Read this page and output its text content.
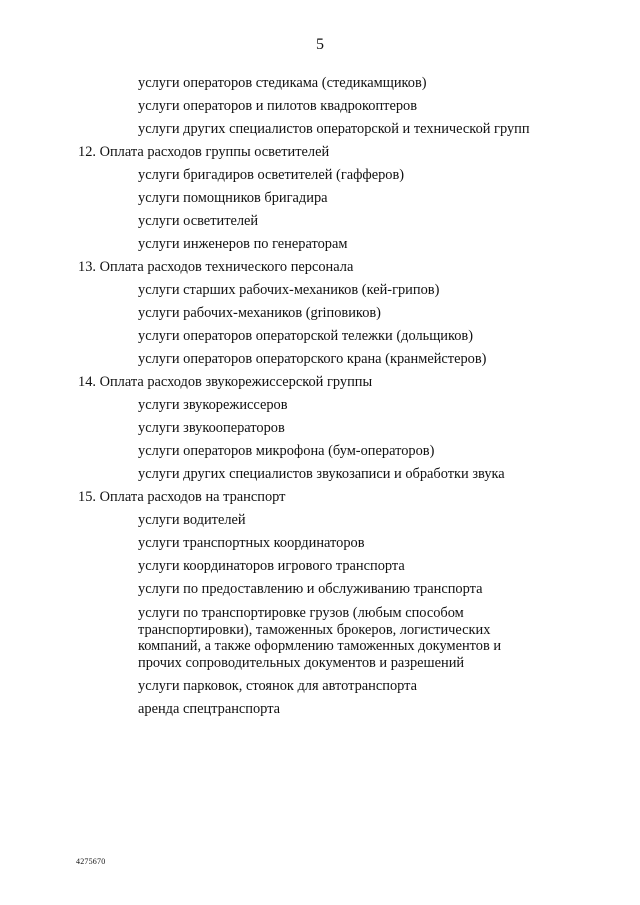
5
услуги операторов стедикама (стедикамщиков)
услуги операторов и пилотов квадрокоптеров
услуги других специалистов операторской и технической групп
12. Оплата расходов группы осветителей
услуги бригадиров осветителей (гафферов)
услуги помощников бригадира
услуги осветителей
услуги инженеров по генераторам
13. Оплата расходов технического персонала
услуги старших рабочих-механиков (кей-грипов)
услуги рабочих-механиков (griповиков)
услуги операторов операторской тележки (дольщиков)
услуги операторов операторского крана (кранмейстеров)
14. Оплата расходов звукорежиссерской группы
услуги звукорежиссеров
услуги звукооператоров
услуги операторов микрофона (бум-операторов)
услуги других специалистов звукозаписи и обработки звука
15. Оплата расходов на транспорт
услуги водителей
услуги транспортных координаторов
услуги координаторов игрового транспорта
услуги по предоставлению и обслуживанию транспорта
услуги по транспортировке грузов (любым способом транспортировки), таможенных брокеров, логистических компаний, а также оформлению таможенных документов и прочих сопроводительных документов и разрешений
услуги парковок, стоянок для автотранспорта
аренда спецтранспорта
4275670
